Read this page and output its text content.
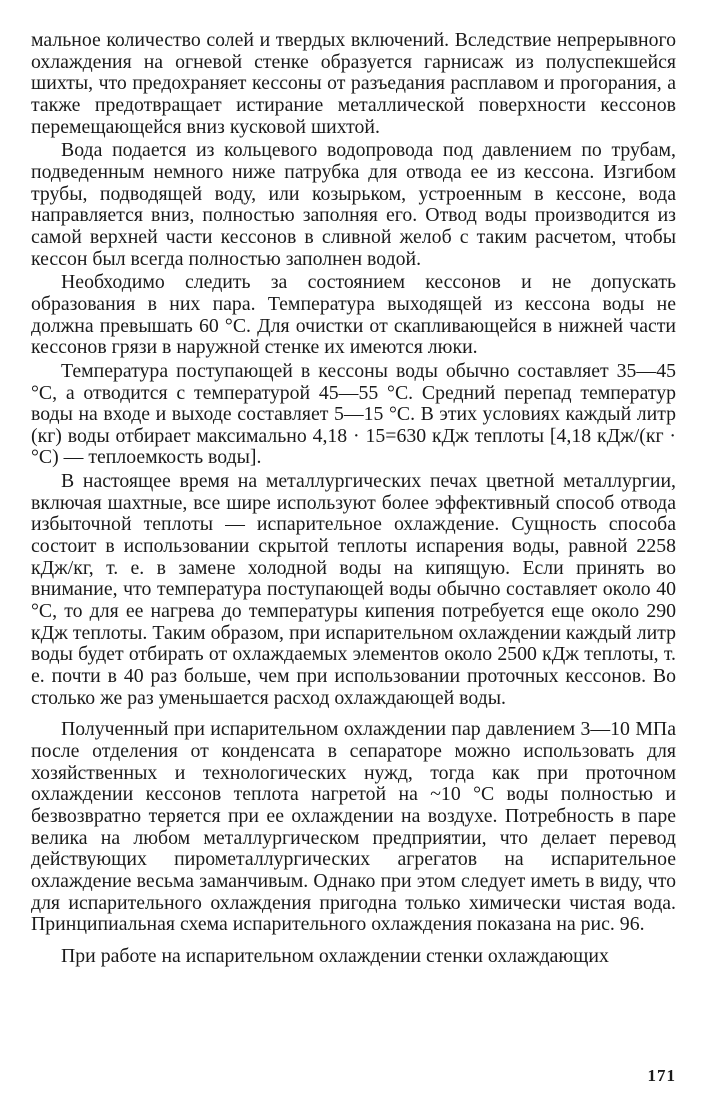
мальное количество солей и твердых включений. Вследствие непрерывного охлаждения на огневой стенке образуется гарнисаж из полуспекшейся шихты, что предохраняет кессоны от разъедания расплавом и прогорания, а также предотвращает истирание металлической поверхности кессонов перемещающейся вниз кусковой шихтой.

Вода подается из кольцевого водопровода под давлением по трубам, подведенным немного ниже патрубка для отвода ее из кессона. Изгибом трубы, подводящей воду, или козырьком, устроенным в кессоне, вода направляется вниз, полностью заполняя его. Отвод воды производится из самой верхней части кессонов в сливной желоб с таким расчетом, чтобы кессон был всегда полностью заполнен водой.

Необходимо следить за состоянием кессонов и не допускать образования в них пара. Температура выходящей из кессона воды не должна превышать 60 °С. Для очистки от скапливающейся в нижней части кессонов грязи в наружной стенке их имеются люки.

Температура поступающей в кессоны воды обычно составляет 35—45 °С, а отводится с температурой 45—55 °С. Средний перепад температур воды на входе и выходе составляет 5—15 °С. В этих условиях каждый литр (кг) воды отбирает максимально 4,18 · 15=630 кДж теплоты [4,18 кДж/(кг · °С) — теплоемкость воды].

В настоящее время на металлургических печах цветной металлургии, включая шахтные, все шире используют более эффективный способ отвода избыточной теплоты — испарительное охлаждение. Сущность способа состоит в использовании скрытой теплоты испарения воды, равной 2258 кДж/кг, т. е. в замене холодной воды на кипящую. Если принять во внимание, что температура поступающей воды обычно составляет около 40 °С, то для ее нагрева до температуры кипения потребуется еще около 290 кДж теплоты. Таким образом, при испарительном охлаждении каждый литр воды будет отбирать от охлаждаемых элементов около 2500 кДж теплоты, т. е. почти в 40 раз больше, чем при использовании проточных кессонов. Во столько же раз уменьшается расход охлаждающей воды.

Полученный при испарительном охлаждении пар давлением 3—10 МПа после отделения от конденсата в сепараторе можно использовать для хозяйственных и технологических нужд, тогда как при проточном охлаждении кессонов теплота нагретой на ~10 °С воды полностью и безвозвратно теряется при ее охлаждении на воздухе. Потребность в паре велика на любом металлургическом предприятии, что делает перевод действующих пирометаллургических агрегатов на испарительное охлаждение весьма заманчивым. Однако при этом следует иметь в виду, что для испарительного охлаждения пригодна только химически чистая вода. Принципиальная схема испарительного охлаждения показана на рис. 96.

При работе на испарительном охлаждении стенки охлаждающих

171
